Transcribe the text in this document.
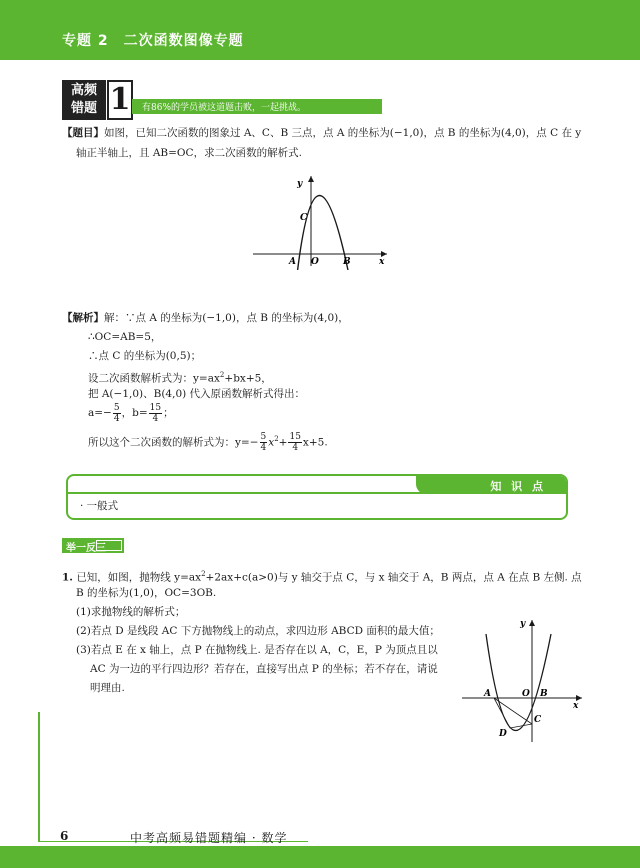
专题 2　二次函数图像专题
高频
错题 1 有86%的学员被这道题击败，一起挑战。
【题目】如图，已知二次函数的图象过 A、C、B 三点，点 A 的坐标为(−1,0)，点 B 的坐标为(4,0)，点 C 在 y
轴正半轴上，且 AB=OC，求二次函数的解析式.
y
x
C
A O	B
【解析】解：∵点 A 的坐标为(−1,0)，点 B 的坐标为(4,0)，
∴OC=AB=5，
∴点 C 的坐标为(0,5)；
设二次函数解析式为：$y=ax^2+bx+5$，
把 A(−1,0)、B(4,0) 代入原函数解析式得出：
$a=- \frac{5}{4}$ ，$b= \frac{15}{4}$ ；
所以这个二次函数的解析式为：$y=- \frac{5}{4} x^2+ \frac{15}{4} x+5$.
知 识 点
· 一般式
举一反三
1. 已知，如图，抛物线 $y=ax^2+2ax+c(a>0)$与 y 轴交于点 C，与 x 轴交于 A，B 两点，点 A 在点 B 左侧. 点
B 的坐标为(1,0)，OC=3OB.
(1)求抛物线的解析式；
(2)若点 D 是线段 AC 下方抛物线上的动点，求四边形 ABCD 面积的最大值；
(3)若点 E 在 x 轴上，点 P 在抛物线上. 是否存在以 A，C，E，P 为顶点且以
AC 为一边的平行四边形？若存在，直接写出点 P 的坐标；若不存在，请说
明理由.
y
x
A	O B
C
D
6	中考高频易错题精编 · 数学
